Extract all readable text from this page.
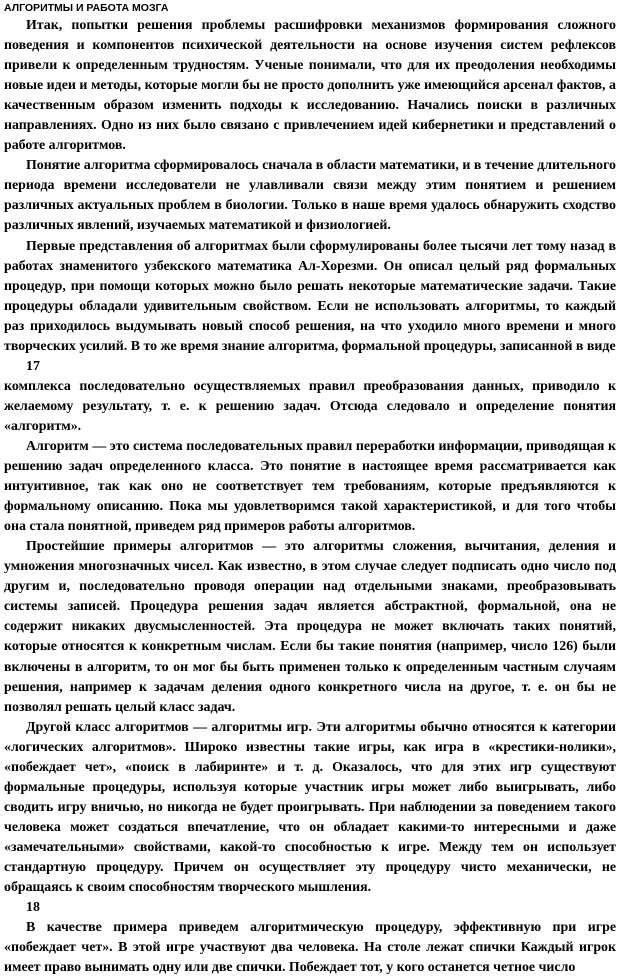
АЛГОРИТМЫ И РАБОТА МОЗГА

Итак, попытки решения проблемы расшифровки механизмов формирования сложного поведения и компонентов психической деятельности на основе изучения систем рефлексов привели к определенным трудностям. Ученые понимали, что для их преодоления необходимы новые идеи и методы, которые могли бы не просто дополнить уже имеющийся арсенал фактов, а качественным образом изменить подходы к исследованию. Начались поиски в различных направлениях. Одно из них было связано с привлечением идей кибернетики и представлений о работе алгоритмов.

Понятие алгоритма сформировалось сначала в области математики, и в течение длительного периода времени исследователи не улавливали связи между этим понятием и решением различных актуальных проблем в биологии. Только в наше время удалось обнаружить сходство различных явлений, изучаемых математикой и физиологией.

Первые представления об алгоритмах были сформулированы более тысячи лет тому назад в работах знаменитого узбекского математика Ал-Хорезми. Он описал целый ряд формальных процедур, при помощи которых можно было решать некоторые математические задачи. Такие процедуры обладали удивительным свойством. Если не использовать алгоритмы, то каждый раз приходилось выдумывать новый способ решения, на что уходило много времени и много творческих усилий. В то же время знание алгоритма, формальной процедуры, записанной в виде

17

комплекса последовательно осуществляемых правил преобразования данных, приводило к желаемому результату, т. е. к решению задач. Отсюда следовало и определение понятия «алгоритм».

Алгоритм — это система последовательных правил переработки информации, приводящая к решению задач определенного класса. Это понятие в настоящее время рассматривается как интуитивное, так как оно не соответствует тем требованиям, которые предъявляются к формальному описанию. Пока мы удовлетворимся такой характеристикой, и для того чтобы она стала понятной, приведем ряд примеров работы алгоритмов.

Простейшие примеры алгоритмов — это алгоритмы сложения, вычитания, деления и умножения многозначных чисел. Как известно, в этом случае следует подписать одно число под другим и, последовательно проводя операции над отдельными знаками, преобразовывать системы записей. Процедура решения задач является абстрактной, формальной, она не содержит никаких двусмысленностей. Эта процедура не может включать таких понятий, которые относятся к конкретным числам. Если бы такие понятия (например, число 126) были включены в алгоритм, то он мог бы быть применен только к определенным частным случаям решения, например к задачам деления одного конкретного числа на другое, т. е. он бы не позволял решать целый класс задач.

Другой класс алгоритмов — алгоритмы игр. Эти алгоритмы обычно относятся к категории «логических алгоритмов». Широко известны такие игры, как игра в «крестики-нолики», «побеждает чет», «поиск в лабиринте» и т. д. Оказалось, что для этих игр существуют формальные процедуры, используя которые участник игры может либо выигрывать, либо сводить игру вничью, но никогда не будет проигрывать. При наблюдении за поведением такого человека может создаться впечатление, что он обладает какими-то интересными и даже «замечательными» свойствами, какой-то способностью к игре. Между тем он использует стандартную процедуру. Причем он осуществляет эту процедуру чисто механически, не обращаясь к своим способностям творческого мышления.

18

В качестве примера приведем алгоритмическую процедуру, эффективную при игре «побеждает чет». В этой игре участвуют два человека. На столе лежат спички Каждый игрок имеет право вынимать одну или две спички. Побеждает тот, у кого останется четное число
